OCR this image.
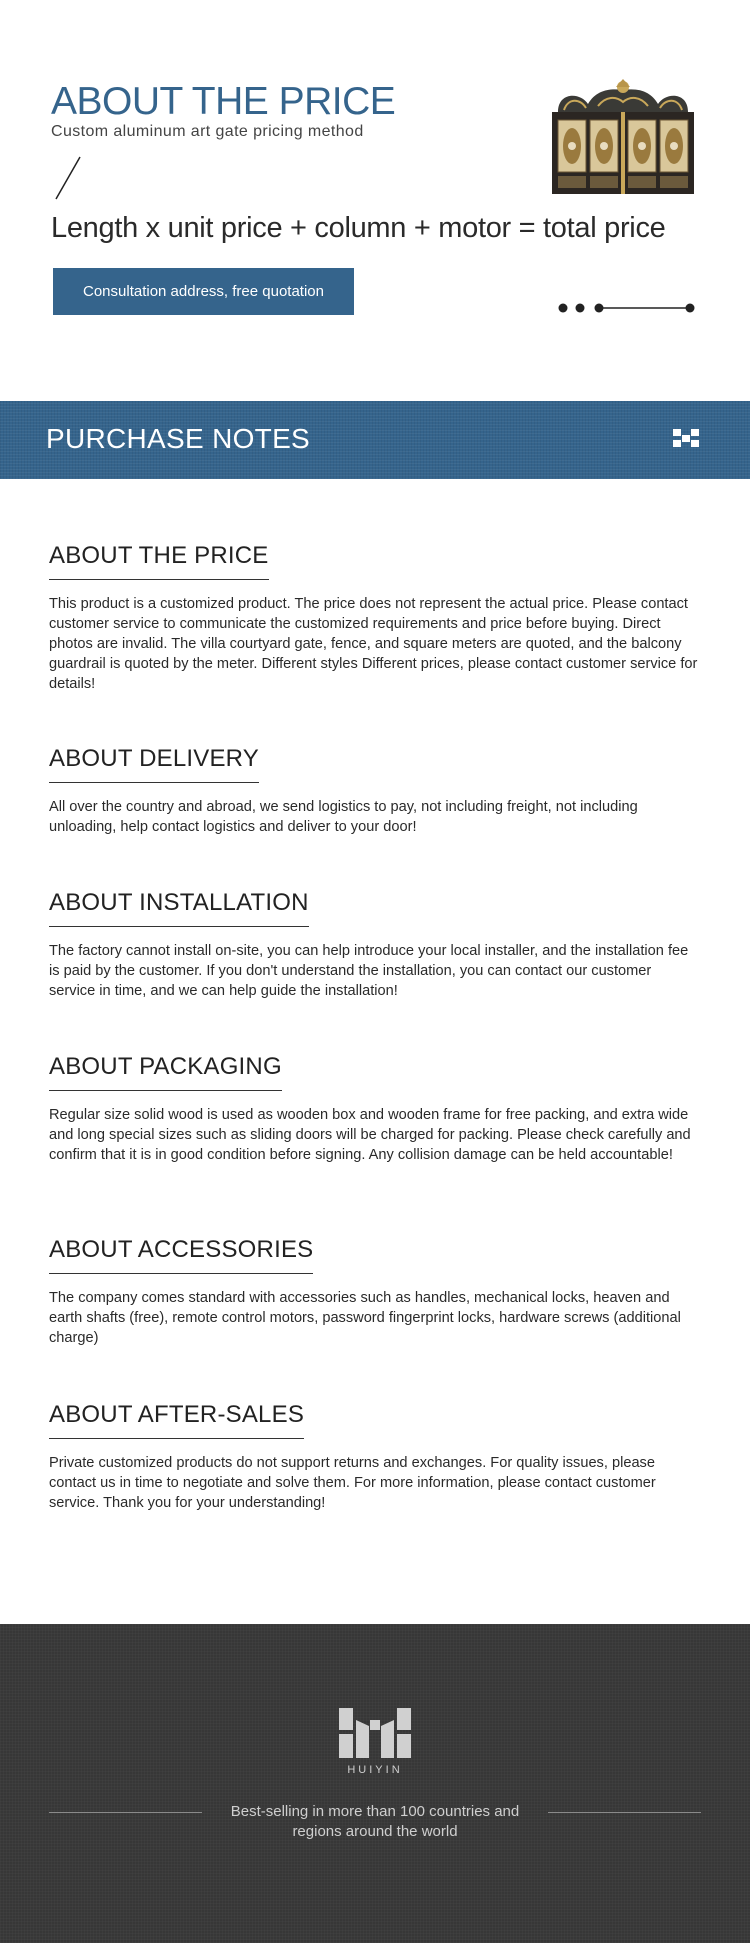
ABOUT THE PRICE
Custom aluminum art gate pricing method
Length x unit price + column + motor = total price
Consultation address, free quotation
PURCHASE NOTES
ABOUT THE PRICE

This product is a customized product. The price does not represent the actual price. Please contact customer service to communicate the customized requirements and price before buying. Direct photos are invalid. The villa courtyard gate, fence, and square meters are quoted, and the balcony guardrail is quoted by the meter. Different styles Different prices, please contact customer service for details!

ABOUT DELIVERY

All over the country and abroad, we send logistics to pay, not including freight, not including unloading, help contact logistics and deliver to your door!

ABOUT INSTALLATION

The factory cannot install on-site, you can help introduce your local installer, and the installation fee is paid by the customer. If you don't understand the installation, you can contact our customer service in time, and we can help guide the installation!

ABOUT PACKAGING

Regular size solid wood is used as wooden box and wooden frame for free packing, and extra wide and long special sizes such as sliding doors will be charged for packing. Please check carefully and confirm that it is in good condition before signing. Any collision damage can be held accountable!

ABOUT ACCESSORIES

The company comes standard with accessories such as handles, mechanical locks, heaven and earth shafts (free), remote control motors, password fingerprint locks, hardware screws (additional charge)

ABOUT AFTER-SALES

Private customized products do not support returns and exchanges. For quality issues, please contact us in time to negotiate and solve them. For more information, please contact customer service. Thank you for your understanding!

HUIYIN
Best-selling in more than 100 countries and regions around the world
